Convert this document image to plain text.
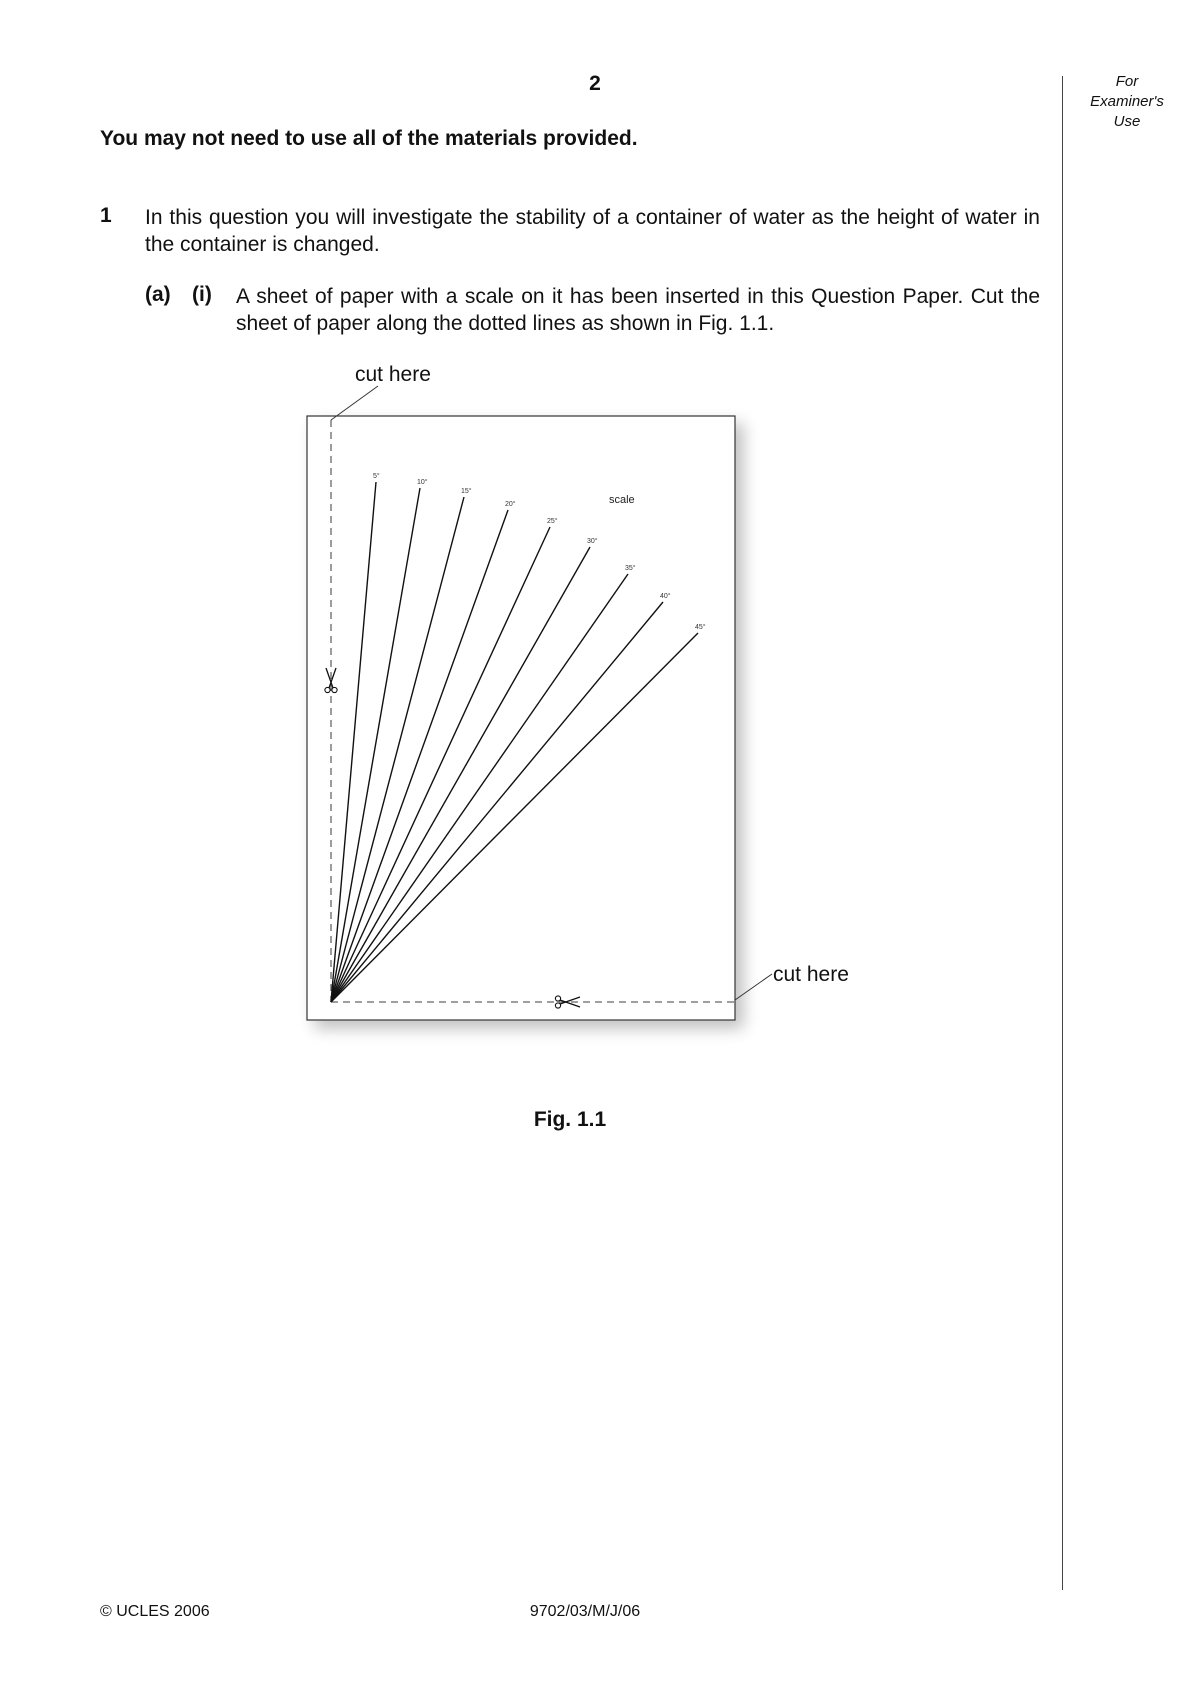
2	For
Examiner's
Use
You may not need to use all of the materials provided.
1 In this question you will investigate the stability of a container of water as the height of water in the container is changed.
(a) (i) A sheet of paper with a scale on it has been inserted in this Question Paper. Cut the sheet of paper along the dotted lines as shown in Fig. 1.1.
5°
10°
15°
20°
25°
30°
35°
40°
45°
scale
cut here
cut here
Fig. 1.1
© UCLES 2006	9702/03/M/J/06
